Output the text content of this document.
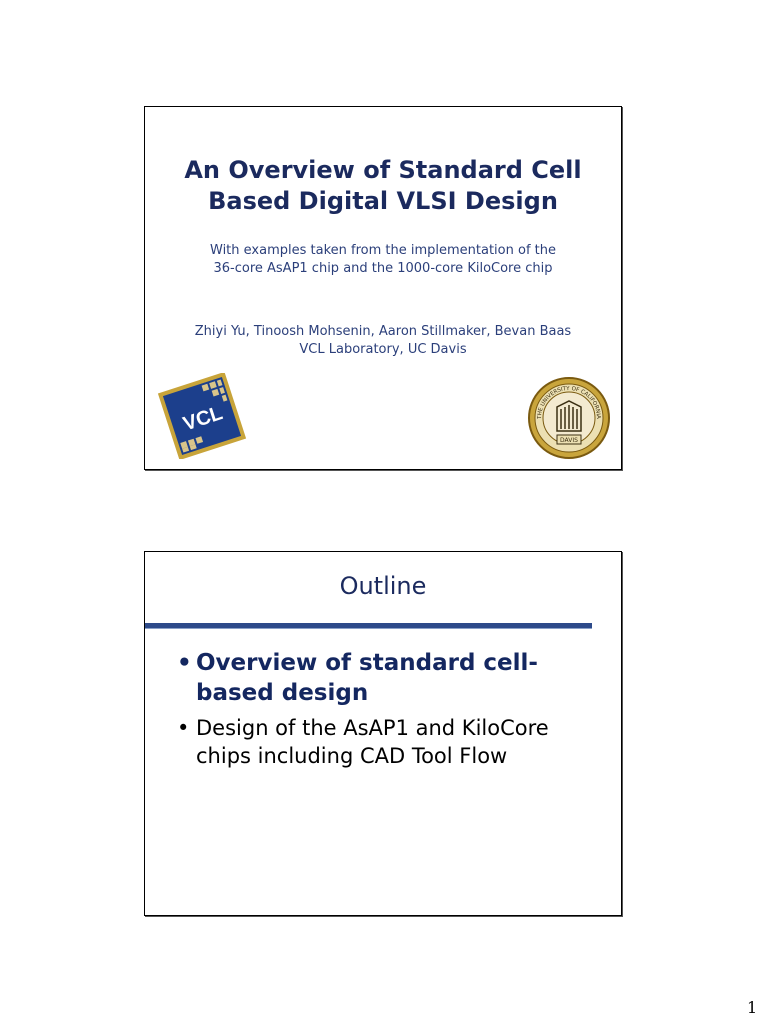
An Overview of Standard Cell
Based Digital VLSI Design
With examples taken from the implementation of the
36-core AsAP1 chip and the 1000-core KiloCore chip
Zhiyi Yu, Tinoosh Mohsenin, Aaron Stillmaker, Bevan Baas
VCL Laboratory, UC Davis
VCL
DAVIS
THE UNIVERSITY OF CALIFORNIA
Outline
• Overview of standard cell-
based design
• Design of the AsAP1 and KiloCore
chips including CAD Tool Flow
1
